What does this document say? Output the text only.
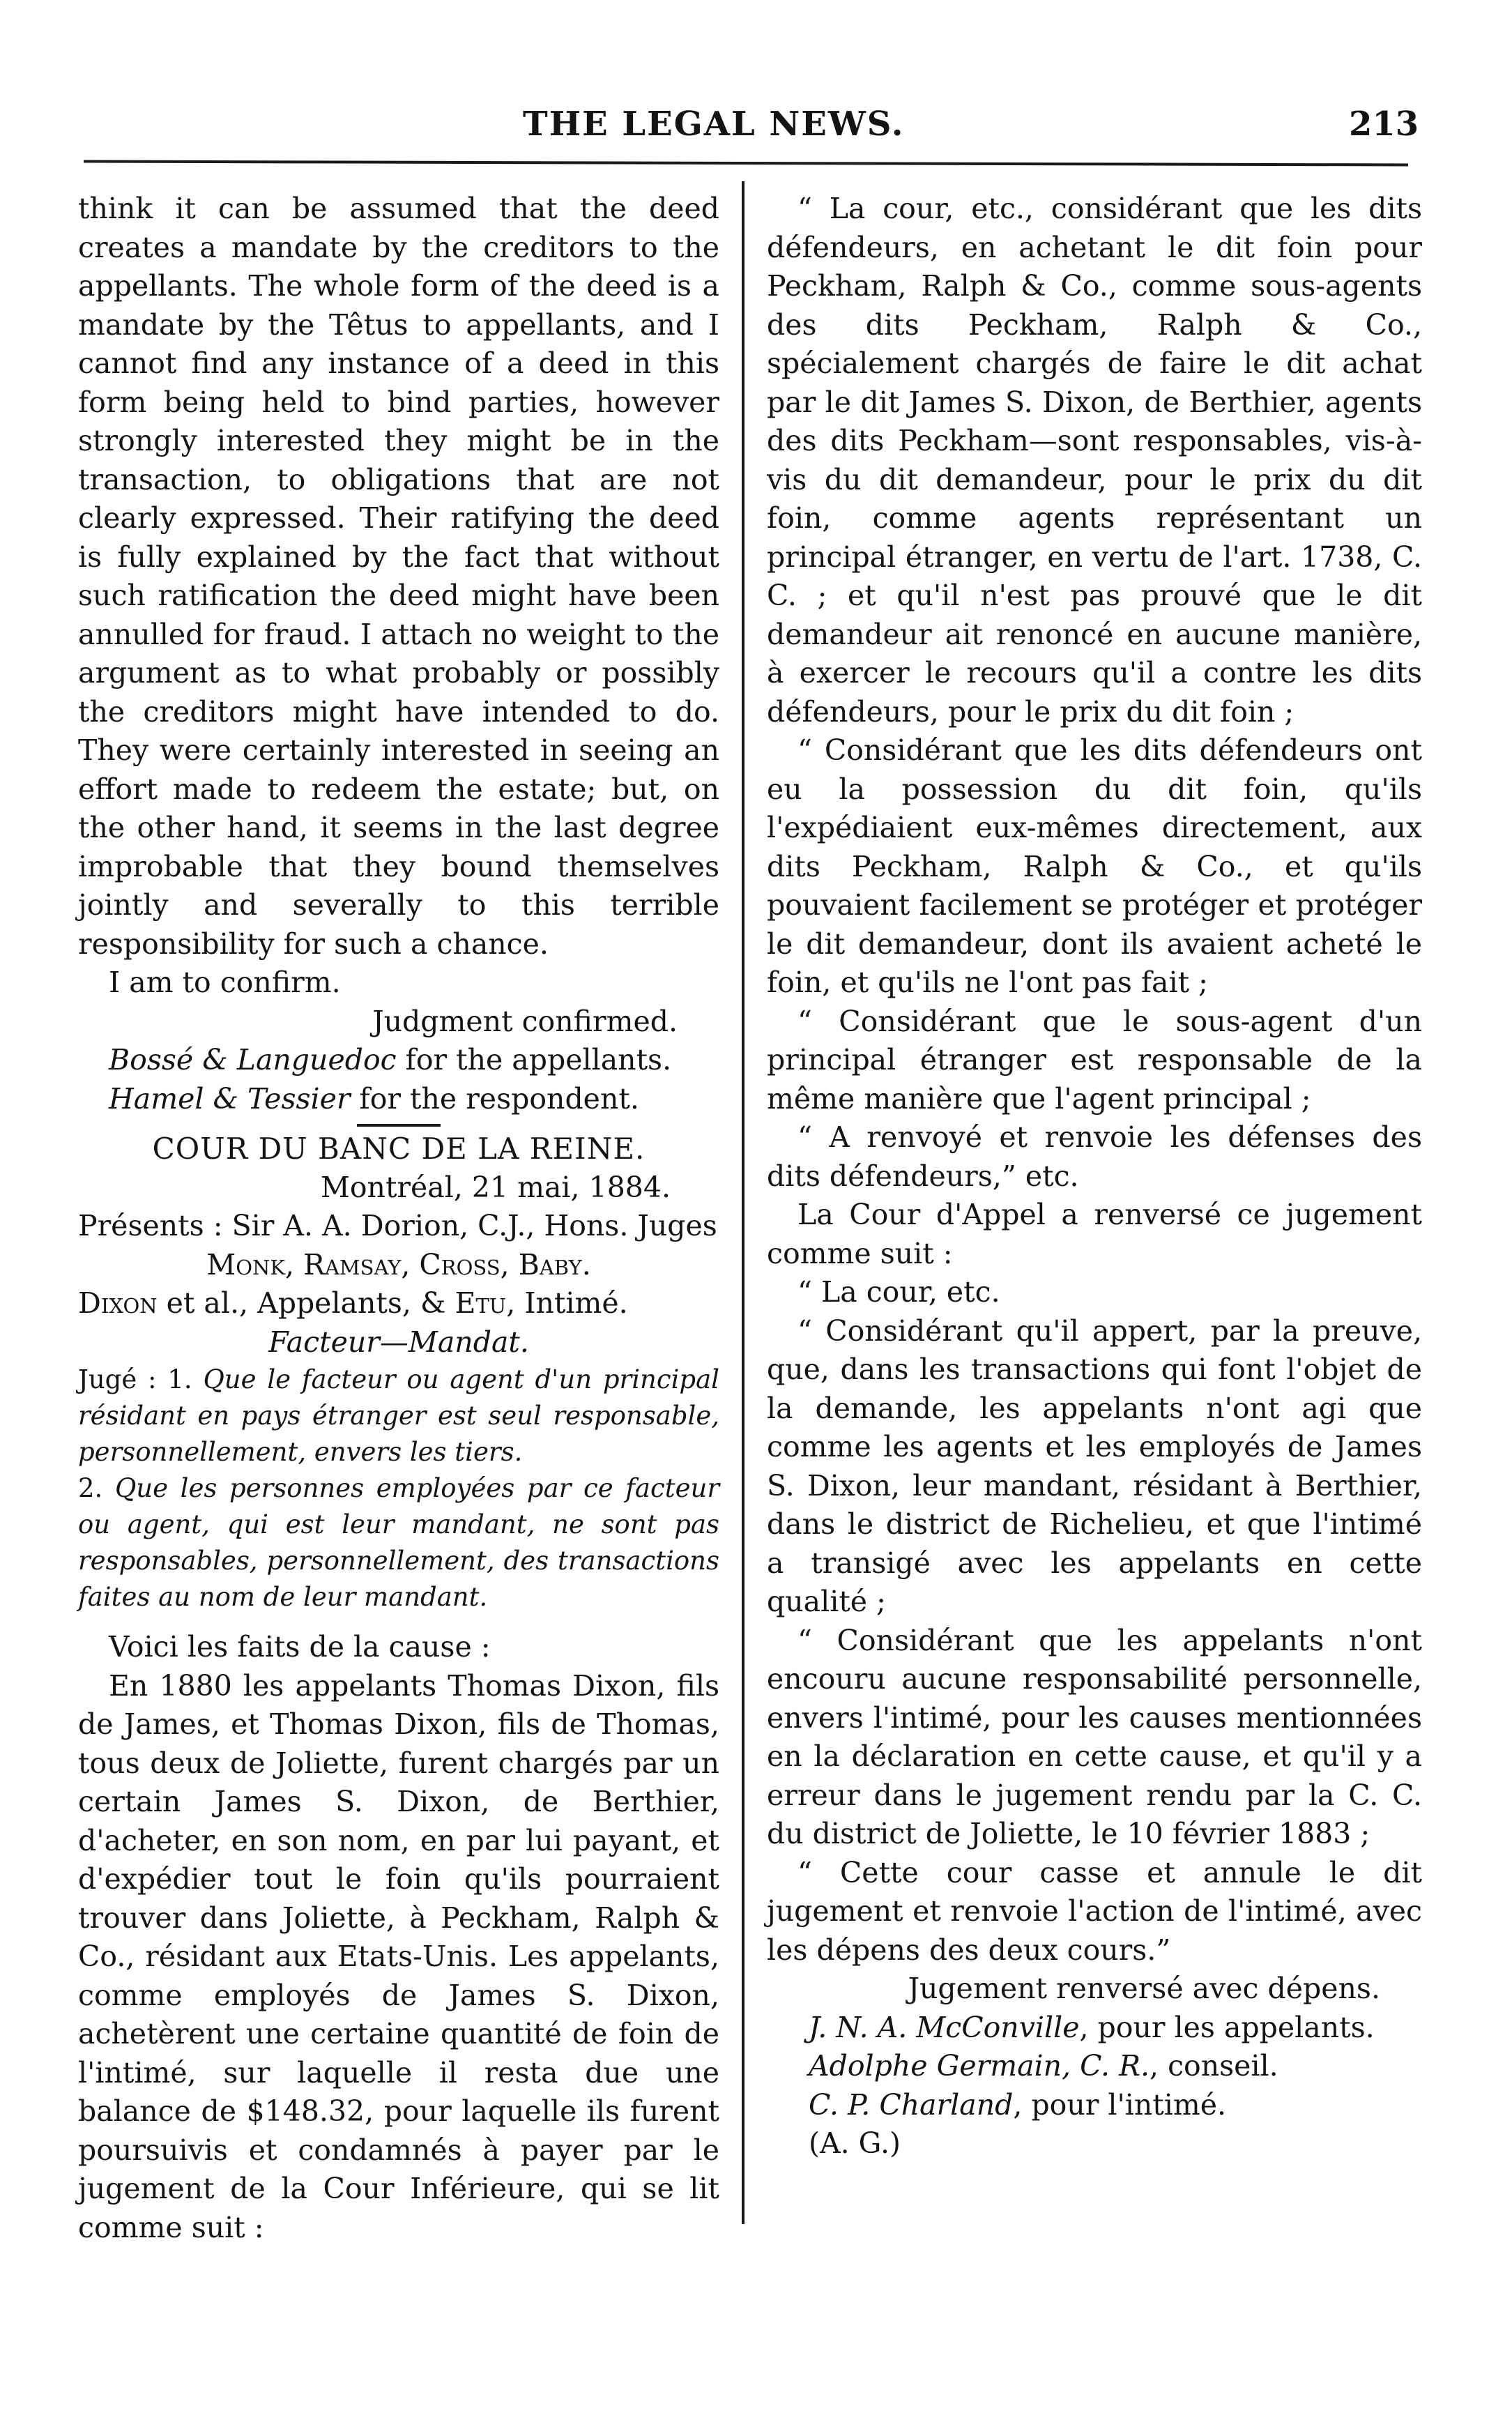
THE LEGAL NEWS.	213

think it can be assumed that the deed creates a mandate by the creditors to the appellants. The whole form of the deed is a mandate by the Têtus to appellants, and I cannot find any instance of a deed in this form being held to bind parties, however strongly interested they might be in the transaction, to obligations that are not clearly expressed. Their ratifying the deed is fully explained by the fact that without such ratification the deed might have been annulled for fraud. I attach no weight to the argument as to what probably or possibly the creditors might have intended to do. They were certainly interested in seeing an effort made to redeem the estate; but, on the other hand, it seems in the last degree improbable that they bound themselves jointly and severally to this terrible responsibility for such a chance.

I am to confirm.

Judgment confirmed.

Bossé & Languedoc for the appellants.

Hamel & Tessier for the respondent.

COUR DU BANC DE LA REINE.

Montréal, 21 mai, 1884.

Présents : Sir A. A. Dorion, C.J., Hons. Juges

Monk, Ramsay, Cross, Baby.

Dixon et al., Appelants, & Etu, Intimé.

Facteur—Mandat.

Jugé : 1. Que le facteur ou agent d'un principal résidant en pays étranger est seul responsable, personnellement, envers les tiers.

2. Que les personnes employées par ce facteur ou agent, qui est leur mandant, ne sont pas responsables, personnellement, des transactions faites au nom de leur mandant.

Voici les faits de la cause :

En 1880 les appelants Thomas Dixon, fils de James, et Thomas Dixon, fils de Thomas, tous deux de Joliette, furent chargés par un certain James S. Dixon, de Berthier, d'acheter, en son nom, en par lui payant, et d'expédier tout le foin qu'ils pourraient trouver dans Joliette, à Peckham, Ralph & Co., résidant aux Etats-Unis. Les appelants, comme employés de James S. Dixon, achetèrent une certaine quantité de foin de l'intimé, sur laquelle il resta due une balance de $148.32, pour laquelle ils furent poursuivis et condamnés à payer par le jugement de la Cour Inférieure, qui se lit comme suit :

“ La cour, etc., considérant que les dits défendeurs, en achetant le dit foin pour Peckham, Ralph & Co., comme sous-agents des dits Peckham, Ralph & Co., spécialement chargés de faire le dit achat par le dit James S. Dixon, de Berthier, agents des dits Peckham—sont responsables, vis-à-vis du dit demandeur, pour le prix du dit foin, comme agents représentant un principal étranger, en vertu de l'art. 1738, C. C. ; et qu'il n'est pas prouvé que le dit demandeur ait renoncé en aucune manière, à exercer le recours qu'il a contre les dits défendeurs, pour le prix du dit foin ;

“ Considérant que les dits défendeurs ont eu la possession du dit foin, qu'ils l'expédiaient eux-mêmes directement, aux dits Peckham, Ralph & Co., et qu'ils pouvaient facilement se protéger et protéger le dit demandeur, dont ils avaient acheté le foin, et qu'ils ne l'ont pas fait ;

“ Considérant que le sous-agent d'un principal étranger est responsable de la même manière que l'agent principal ;

“ A renvoyé et renvoie les défenses des dits défendeurs,” etc.

La Cour d'Appel a renversé ce jugement comme suit :

“ La cour, etc.

“ Considérant qu'il appert, par la preuve, que, dans les transactions qui font l'objet de la demande, les appelants n'ont agi que comme les agents et les employés de James S. Dixon, leur mandant, résidant à Berthier, dans le district de Richelieu, et que l'intimé a transigé avec les appelants en cette qualité ;

“ Considérant que les appelants n'ont encouru aucune responsabilité personnelle, envers l'intimé, pour les causes mentionnées en la déclaration en cette cause, et qu'il y a erreur dans le jugement rendu par la C. C. du district de Joliette, le 10 février 1883 ;

“ Cette cour casse et annule le dit jugement et renvoie l'action de l'intimé, avec les dépens des deux cours.”

Jugement renversé avec dépens.

J. N. A. McConville, pour les appelants.

Adolphe Germain, C. R., conseil.

C. P. Charland, pour l'intimé.

(A. G.)
